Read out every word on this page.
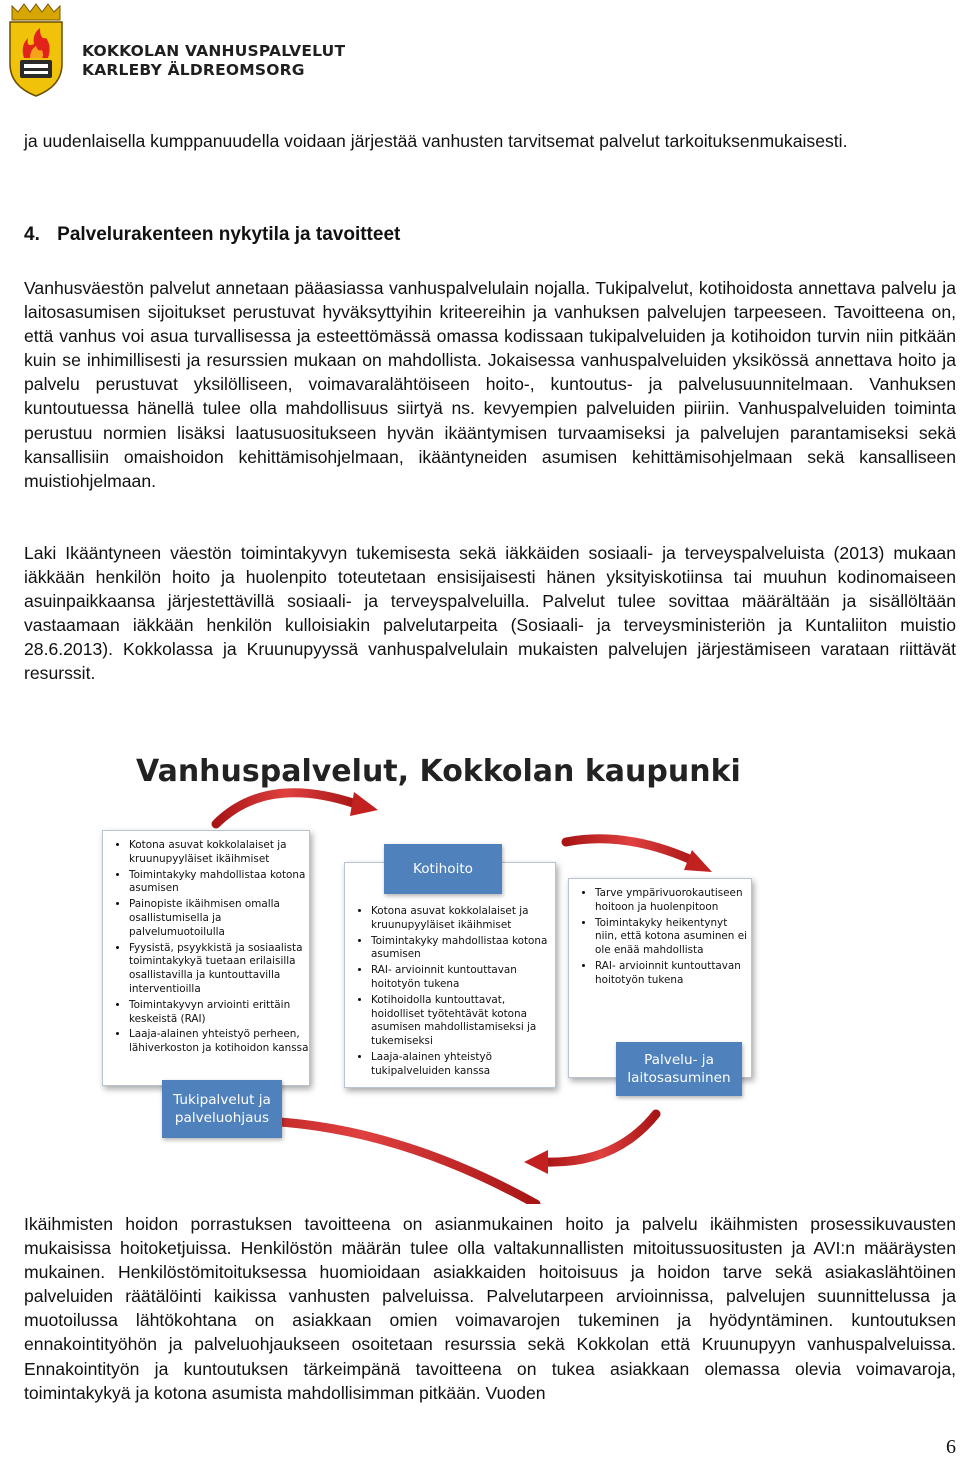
KOKKOLAN VANHUSPALVELUT
KARLEBY ÄLDREOMSORG

ja uudenlaisella kumppanuudella voidaan järjestää vanhusten tarvitsemat palvelut tarkoituksenmukaisesti.

4. Palvelurakenteen nykytila ja tavoitteet

Vanhusväestön palvelut annetaan pääasiassa vanhuspalvelulain nojalla. Tukipalvelut, kotihoidosta annettava palvelu ja laitosasumisen sijoitukset perustuvat hyväksyttyihin kriteereihin ja vanhuksen palvelujen tarpeeseen. Tavoitteena on, että vanhus voi asua turvallisessa ja esteettömässä omassa kodissaan tukipalveluiden ja kotihoidon turvin niin pitkään kuin se inhimillisesti ja resurssien mukaan on mahdollista. Jokaisessa vanhuspalveluiden yksikössä annettava hoito ja palvelu perustuvat yksilölliseen, voimavaralähtöiseen hoito-, kuntoutus- ja palvelusuunnitelmaan. Vanhuksen kuntoutuessa hänellä tulee olla mahdollisuus siirtyä ns. kevyempien palveluiden piiriin. Vanhuspalveluiden toiminta perustuu normien lisäksi laatusuositukseen hyvän ikääntymisen turvaamiseksi ja palvelujen parantamiseksi sekä kansallisiin omaishoidon kehittämisohjelmaan, ikääntyneiden asumisen kehittämisohjelmaan sekä kansalliseen muistiohjelmaan.

Laki Ikääntyneen väestön toimintakyvyn tukemisesta sekä iäkkäiden sosiaali- ja terveyspalveluista (2013) mukaan iäkkään henkilön hoito ja huolenpito toteutetaan ensisijaisesti hänen yksityiskotiinsa tai muuhun kodinomaiseen asuinpaikkaansa järjestettävillä sosiaali- ja terveyspalveluilla. Palvelut tulee sovittaa määrältään ja sisällöltään vastaamaan iäkkään henkilön kulloisiakin palvelutarpeita (Sosiaali- ja terveysministeriön ja Kuntaliiton muistio 28.6.2013). Kokkolassa ja Kruunupyyssä vanhuspalvelulain mukaisten palvelujen järjestämiseen varataan riittävät resurssit.

Vanhuspalvelut, Kokkolan kaupunki
• Kotona asuvat kokkolalaiset ja kruunupyyläiset ikäihmiset
• Toimintakyky mahdollistaa kotona asumisen
• Painopiste ikäihmisen omalla osallistumisella ja palvelumuotoilulla
• Fyysistä, psyykkistä ja sosiaalista toimintakykyä tuetaan erilaisilla osallistavilla ja kuntouttavilla interventioilla
• Toimintakyvyn arviointi erittäin keskeistä (RAI)
• Laaja-alainen yhteistyö perheen, lähiverkoston ja kotihoidon kanssa
Tukipalvelut ja palveluohjaus
• Kotona asuvat kokkolalaiset ja kruunupyyläiset ikäihmiset
• Toimintakyky mahdollistaa kotona asumisen
• RAI- arvioinnit kuntouttavan hoitotyön tukena
• Kotihoidolla kuntouttavat, hoidolliset työtehtävät kotona asumisen mahdollistamiseksi ja tukemiseksi
• Laaja-alainen yhteistyö tukipalveluiden kanssa
Kotihoito
• Tarve ympärivuorokautiseen hoitoon ja huolenpitoon
• Toimintakyky heikentynyt niin, että kotona asuminen ei ole enää mahdollista
• RAI- arvioinnit kuntouttavan hoitotyön tukena
Palvelu- ja laitosasuminen

Ikäihmisten hoidon porrastuksen tavoitteena on asianmukainen hoito ja palvelu ikäihmisten prosessikuvausten mukaisissa hoitoketjuissa. Henkilöstön määrän tulee olla valtakunnallisten mitoitussuositusten ja AVI:n määräysten mukainen. Henkilöstömitoituksessa huomioidaan asiakkaiden hoitoisuus ja hoidon tarve sekä asiakaslähtöinen palveluiden räätälöinti kaikissa vanhusten palveluissa. Palvelutarpeen arvioinnissa, palvelujen suunnittelussa ja muotoilussa lähtökohtana on asiakkaan omien voimavarojen tukeminen ja hyödyntäminen. kuntoutuksen ennakointityöhön ja palveluohjaukseen osoitetaan resurssia sekä Kokkolan että Kruunupyyn vanhuspalveluissa. Ennakointityön ja kuntoutuksen tärkeimpänä tavoitteena on tukea asiakkaan olemassa olevia voimavaroja, toimintakykyä ja kotona asumista mahdollisimman pitkään. Vuoden

6
